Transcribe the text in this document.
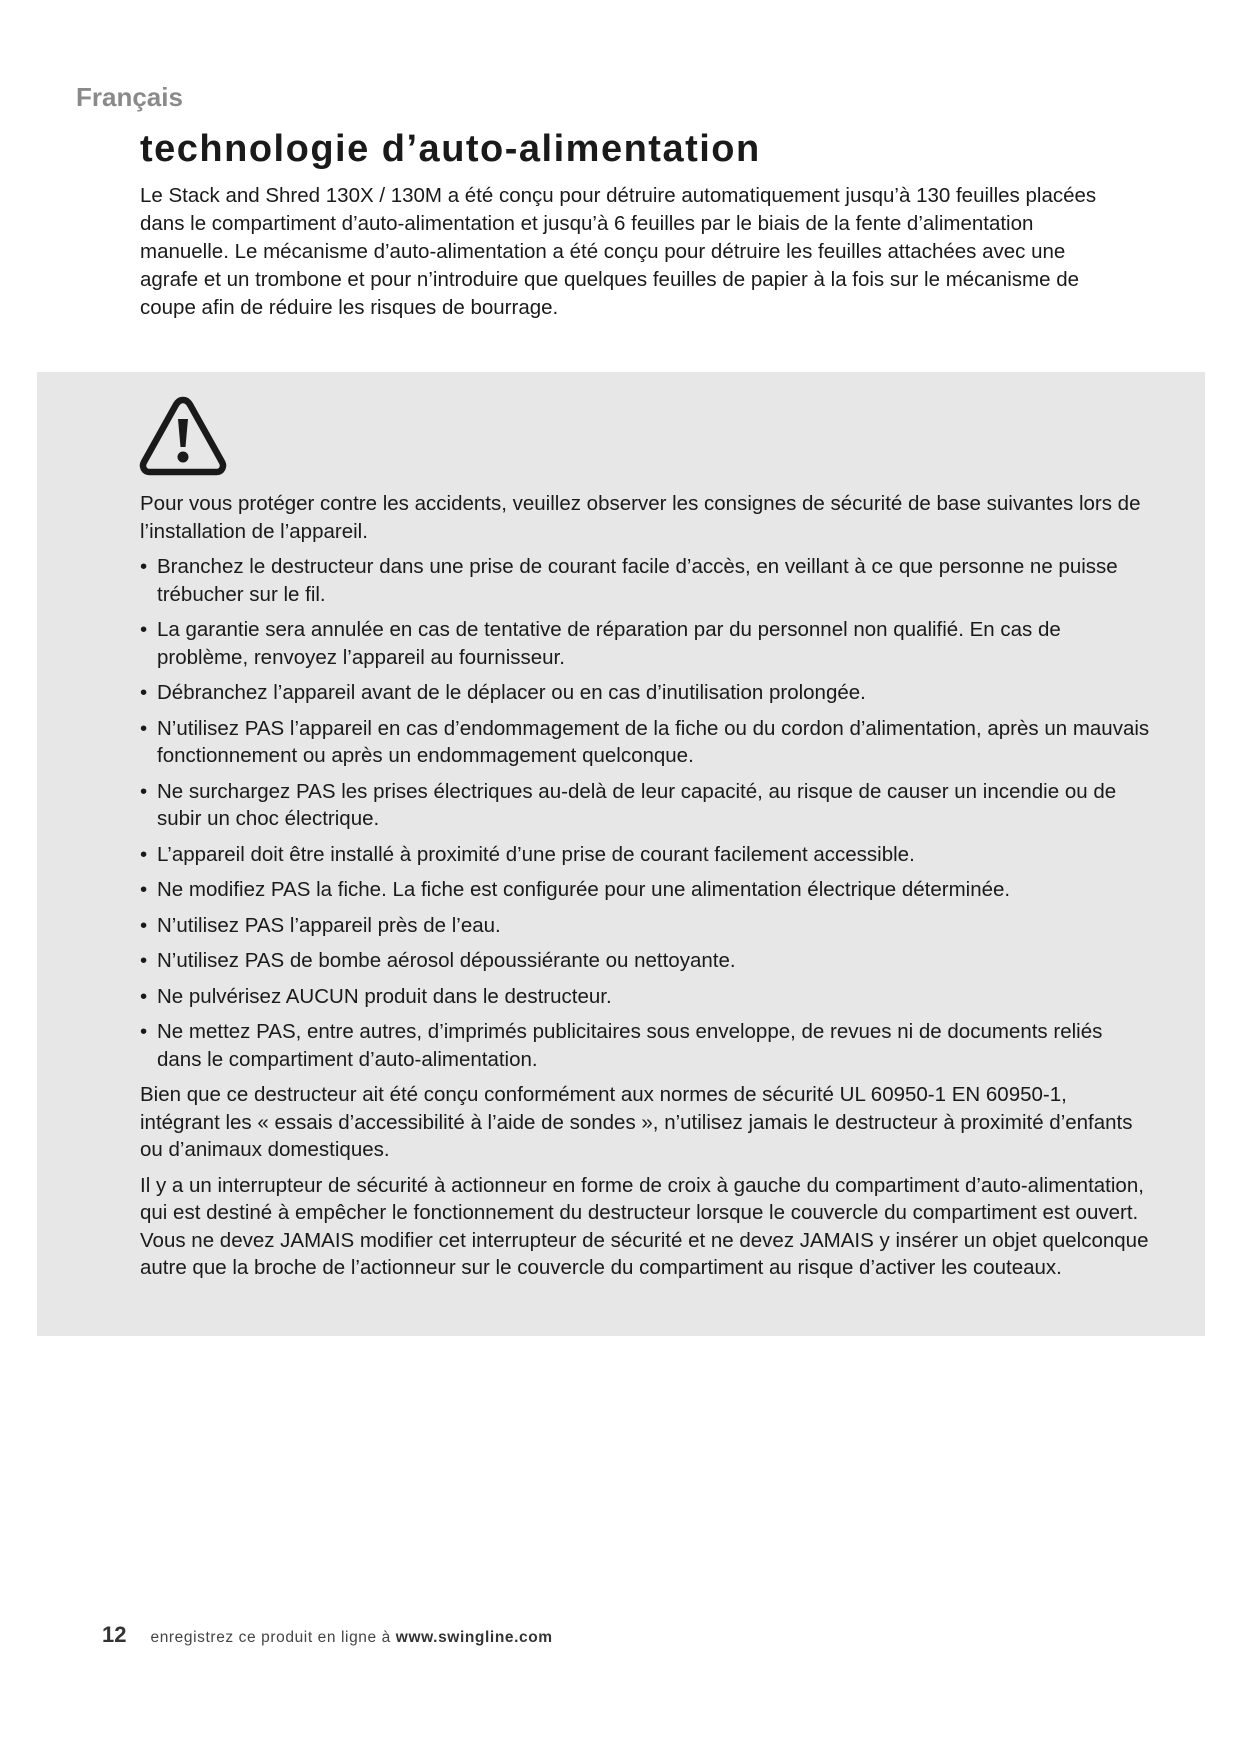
Français
technologie d’auto-alimentation

Le Stack and Shred 130X / 130M a été conçu pour détruire automatiquement jusqu’à 130 feuilles placées dans le compartiment d’auto-alimentation et jusqu’à 6 feuilles par le biais de la fente d’alimentation manuelle. Le mécanisme d’auto-alimentation a été conçu pour détruire les feuilles attachées avec une agrafe et un trombone et pour n’introduire que quelques feuilles de papier à la fois sur le mécanisme de coupe afin de réduire les risques de bourrage.

Pour vous protéger contre les accidents, veuillez observer les consignes de sécurité de base suivantes lors de l’installation de l’appareil.

• Branchez le destructeur dans une prise de courant facile d’accès, en veillant à ce que personne ne puisse trébucher sur le fil.
• La garantie sera annulée en cas de tentative de réparation par du personnel non qualifié. En cas de problème, renvoyez l’appareil au fournisseur.
• Débranchez l’appareil avant de le déplacer ou en cas d’inutilisation prolongée.
• N’utilisez PAS l’appareil en cas d’endommagement de la fiche ou du cordon d’alimentation, après un mauvais fonctionnement ou après un endommagement quelconque.
• Ne surchargez PAS les prises électriques au-delà de leur capacité, au risque de causer un incendie ou de subir un choc électrique.
• L’appareil doit être installé à proximité d’une prise de courant facilement accessible.
• Ne modifiez PAS la fiche. La fiche est configurée pour une alimentation électrique déterminée.
• N’utilisez PAS l’appareil près de l’eau.
• N’utilisez PAS de bombe aérosol dépoussiérante ou nettoyante.
• Ne pulvérisez AUCUN produit dans le destructeur.
• Ne mettez PAS, entre autres, d’imprimés publicitaires sous enveloppe, de revues ni de documents reliés dans le compartiment d’auto-alimentation.

Bien que ce destructeur ait été conçu conformément aux normes de sécurité UL 60950-1 EN 60950-1, intégrant les « essais d’accessibilité à l’aide de sondes », n’utilisez jamais le destructeur à proximité d’enfants ou d’animaux domestiques.

Il y a un interrupteur de sécurité à actionneur en forme de croix à gauche du compartiment d’auto-alimentation, qui est destiné à empêcher le fonctionnement du destructeur lorsque le couvercle du compartiment est ouvert. Vous ne devez JAMAIS modifier cet interrupteur de sécurité et ne devez JAMAIS y insérer un objet quelconque autre que la broche de l’actionneur sur le couvercle du compartiment au risque d’activer les couteaux.

12 enregistrez ce produit en ligne à www.swingline.com
